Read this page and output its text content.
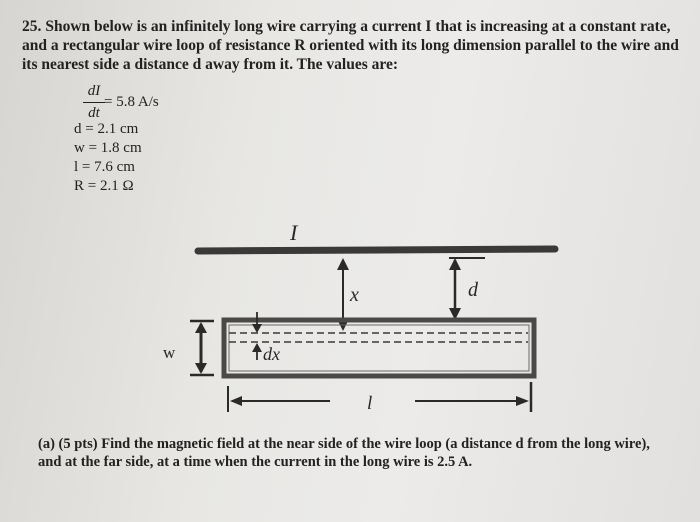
25. Shown below is an infinitely long wire carrying a current I that is increasing at a constant rate,
and a rectangular wire loop of resistance R oriented with its long dimension parallel to the wire and
its nearest side a distance d away from it. The values are:
dI
dt
= 5.8 A/s
d = 2.1 cm
w = 1.8 cm
l = 7.6 cm
R = 2.1 Ω
I
x	d
dx
w
l
(a) (5 pts) Find the magnetic field at the near side of the wire loop (a distance d from the long wire),
and at the far side, at a time when the current in the long wire is 2.5 A.
